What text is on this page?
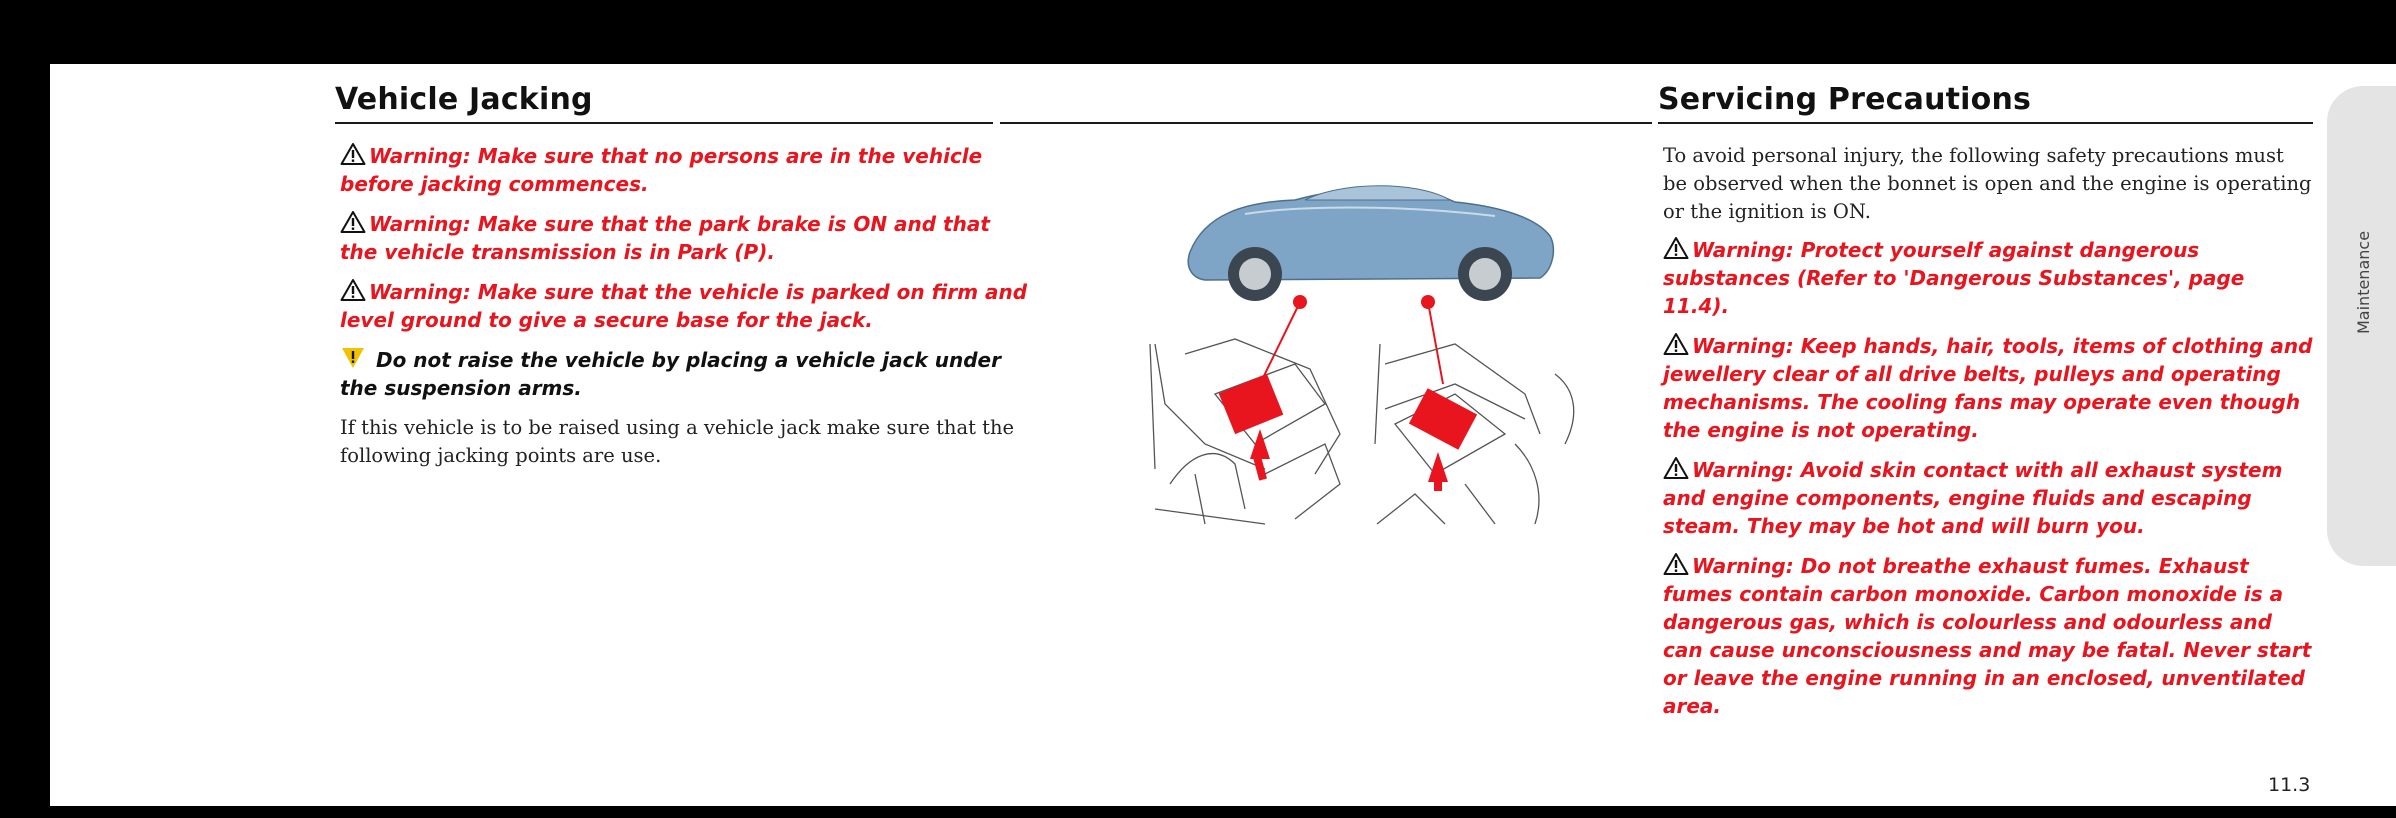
Vehicle Jacking

Warning: Make sure that no persons are in the vehicle before jacking commences.

Warning: Make sure that the park brake is ON and that the vehicle transmission is in Park (P).

Warning: Make sure that the vehicle is parked on firm and level ground to give a secure base for the jack.

Do not raise the vehicle by placing a vehicle jack under the suspension arms.

If this vehicle is to be raised using a vehicle jack make sure that the following jacking points are use.

Servicing Precautions

To avoid personal injury, the following safety precautions must be observed when the bonnet is open and the engine is operating or the ignition is ON.

Warning: Protect yourself against dangerous substances (Refer to 'Dangerous Substances', page 11.4).

Warning: Keep hands, hair, tools, items of clothing and jewellery clear of all drive belts, pulleys and operating mechanisms. The cooling fans may operate even though the engine is not operating.

Warning: Avoid skin contact with all exhaust system and engine components, engine fluids and escaping steam. They may be hot and will burn you.

Warning: Do not breathe exhaust fumes. Exhaust fumes contain carbon monoxide. Carbon monoxide is a dangerous gas, which is colourless and odourless and can cause unconsciousness and may be fatal. Never start or leave the engine running in an enclosed, unventilated area.

Maintenance
11.3
